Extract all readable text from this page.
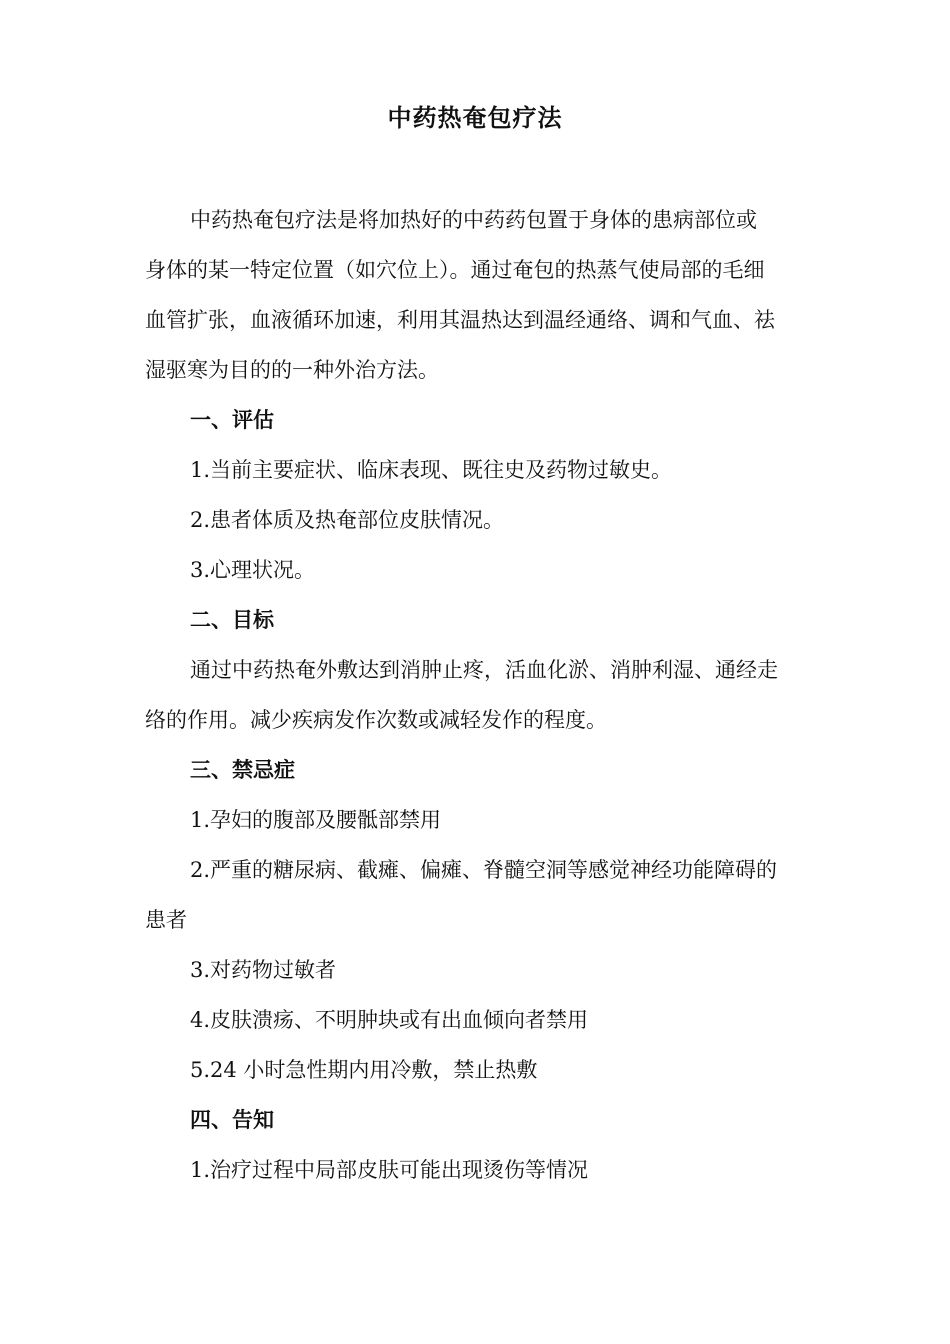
中药热奄包疗法

中药热奄包疗法是将加热好的中药药包置于身体的患病部位或

身体的某一特定位置（如穴位上）。通过奄包的热蒸气使局部的毛细

血管扩张，血液循环加速，利用其温热达到温经通络、调和气血、祛

湿驱寒为目的的一种外治方法。

一、评估

1.当前主要症状、临床表现、既往史及药物过敏史。

2.患者体质及热奄部位皮肤情况。

3.心理状况。

二、目标

通过中药热奄外敷达到消肿止疼，活血化淤、消肿利湿、通经走

络的作用。减少疾病发作次数或减轻发作的程度。

三、禁忌症

1.孕妇的腹部及腰骶部禁用

2.严重的糖尿病、截瘫、偏瘫、脊髓空洞等感觉神经功能障碍的

患者

3.对药物过敏者

4.皮肤溃疡、不明肿块或有出血倾向者禁用

5.24 小时急性期内用冷敷，禁止热敷

四、告知

1.治疗过程中局部皮肤可能出现烫伤等情况
